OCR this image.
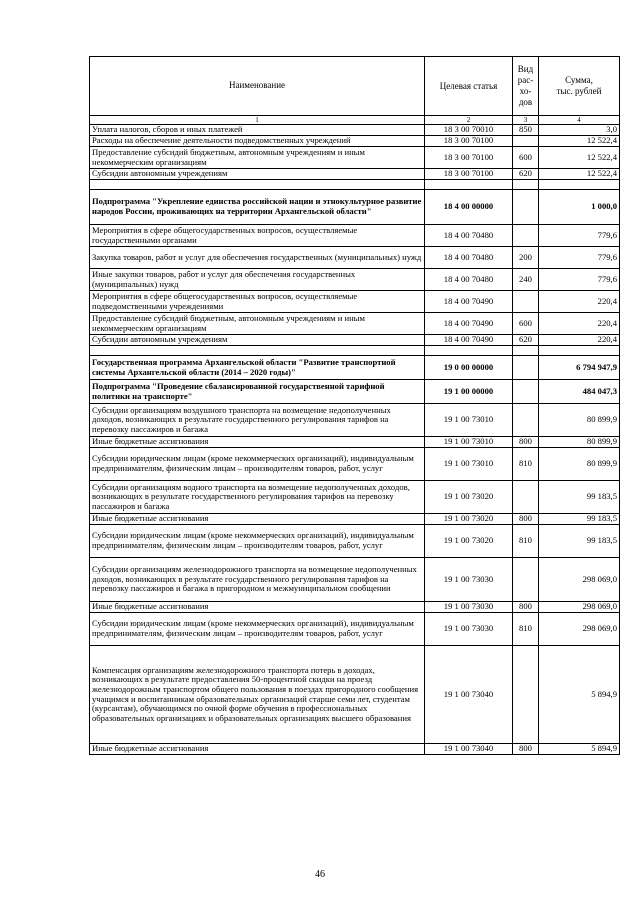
Наименование	Целевая статья	Вид
рас-
хо-
дов	Сумма,
тыс. рублей
1	2	3	4
Уплата налогов, сборов и иных платежей	18 3 00 70010	850	3,0
Расходы на обеспечение деятельности подведомственных учреждений	18 3 00 70100		12 522,4
Предоставление субсидий бюджетным, автономным учреждениям и иным некоммерческим организациям	18 3 00 70100	600	12 522,4
Субсидии автономным учреждениям	18 3 00 70100	620	12 522,4

Подпрограмма "Укрепление единства российской нации и этнокультурное развитие народов России, проживающих на территории Архангельской области"	18 4 00 00000		1 000,0
Мероприятия в сфере общегосударственных вопросов, осуществляемые государственными органами	18 4 00 70480		779,6
Закупка товаров, работ и услуг для обеспечения государственных (муниципальных) нужд	18 4 00 70480	200	779,6
Иные закупки товаров, работ и услуг для обеспечения государственных (муниципальных) нужд	18 4 00 70480	240	779,6
Мероприятия в сфере общегосударственных вопросов, осуществляемые подведомственными учреждениями	18 4 00 70490		220,4
Предоставление субсидий бюджетным, автономным учреждениям и иным некоммерческим организациям	18 4 00 70490	600	220,4
Субсидии автономным учреждениям	18 4 00 70490	620	220,4

Государственная программа Архангельской области "Развитие транспортной системы Архангельской области (2014 – 2020 годы)"	19 0 00 00000		6 794 947,9
Подпрограмма "Проведение сбалансированной государственной тарифной политики на транспорте"	19 1 00 00000		484 047,3
Субсидии организациям воздушного транспорта на возмещение недополученных доходов, возникающих в результате государственного регулирования тарифов на перевозку пассажиров и багажа	19 1 00 73010		80 899,9
Иные бюджетные ассигнования	19 1 00 73010	800	80 899,9
Субсидии юридическим лицам (кроме некоммерческих организаций), индивидуальным предпринимателям, физическим лицам – производителям товаров, работ, услуг	19 1 00 73010	810	80 899,9
Субсидии организациям водного транспорта на возмещение недополученных доходов, возникающих в результате государственного регулирования тарифов на перевозку пассажиров и багажа	19 1 00 73020		99 183,5
Иные бюджетные ассигнования	19 1 00 73020	800	99 183,5
Субсидии юридическим лицам (кроме некоммерческих организаций), индивидуальным предпринимателям, физическим лицам – производителям товаров, работ, услуг	19 1 00 73020	810	99 183,5
Субсидии организациям железнодорожного транспорта на возмещение недополученных доходов, возникающих в результате государственного регулирования тарифов на перевозку пассажиров и багажа в пригородном и межмуниципальном сообщении	19 1 00 73030		298 069,0
Иные бюджетные ассигнования	19 1 00 73030	800	298 069,0
Субсидии юридическим лицам (кроме некоммерческих организаций), индивидуальным предпринимателям, физическим лицам – производителям товаров, работ, услуг	19 1 00 73030	810	298 069,0
Компенсация организациям железнодорожного транспорта потерь в доходах, возникающих в результате предоставления 50-процентной скидки на проезд железнодорожным транспортом общего пользования в поездах пригородного сообщения учащимся и воспитанникам образовательных организаций старше семи лет, студентам (курсантам), обучающимся по очной форме обучения в профессиональных образовательных организациях и образовательных организациях высшего образования	19 1 00 73040		5 894,9
Иные бюджетные ассигнования	19 1 00 73040	800	5 894,9
46
